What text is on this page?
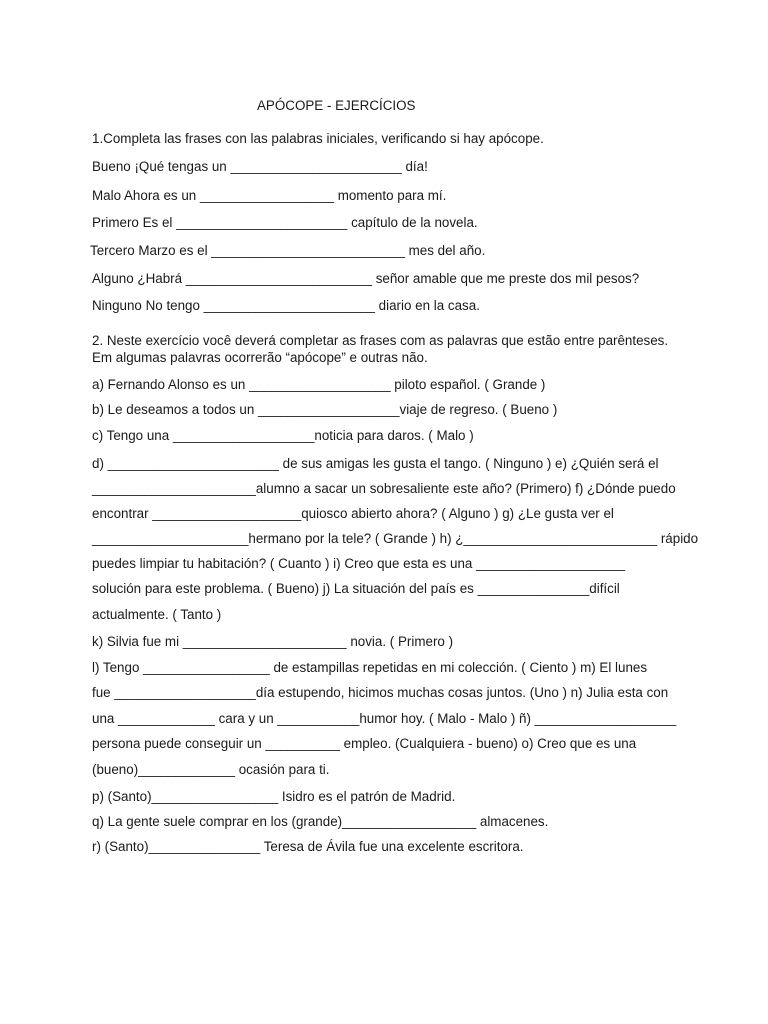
APÓCOPE - EJERCÍCIOS
1.Completa las frases con las palabras iniciales, verificando si hay apócope.
Bueno ¡Qué tengas un _______________________ día!
Malo Ahora es un __________________ momento para mí.
Primero Es el _______________________ capítulo de la novela.
Tercero Marzo es el __________________________ mes del año.
Alguno ¿Habrá _________________________ señor amable que me preste dos mil pesos?
Ninguno No tengo _______________________ diario en la casa.
2. Neste exercício você deverá completar as frases com as palavras que estão entre parênteses.
Em algumas palavras ocorrerão “apócope” e outras não.
a) Fernando Alonso es un ___________________ piloto español. ( Grande )
b) Le deseamos a todos un ___________________viaje de regreso. ( Bueno )
c) Tengo una ___________________noticia para daros. ( Malo )
d) _______________________ de sus amigas les gusta el tango. ( Ninguno ) e) ¿Quién será el
______________________alumno a sacar un sobresaliente este año? (Primero) f) ¿Dónde puedo
encontrar ____________________quiosco abierto ahora? ( Alguno ) g) ¿Le gusta ver el
_____________________hermano por la tele? ( Grande ) h) ¿__________________________ rápido
puedes limpiar tu habitación? ( Cuanto ) i) Creo que esta es una ____________________
solución para este problema. ( Bueno) j) La situación del país es _______________difícil
actualmente. ( Tanto )
k) Silvia fue mi ______________________ novia. ( Primero )
l) Tengo _________________ de estampillas repetidas en mi colección. ( Ciento ) m) El lunes
fue ___________________día estupendo, hicimos muchas cosas juntos. (Uno ) n) Julia esta con
una _____________ cara y un ___________humor hoy. ( Malo - Malo ) ñ) ___________________
persona puede conseguir un __________ empleo. (Cualquiera - bueno) o) Creo que es una
(bueno)_____________ ocasión para ti.
p) (Santo)_________________ Isidro es el patrón de Madrid.
q) La gente suele comprar en los (grande)__________________ almacenes.
r) (Santo)_______________ Teresa de Ávila fue una excelente escritora.
